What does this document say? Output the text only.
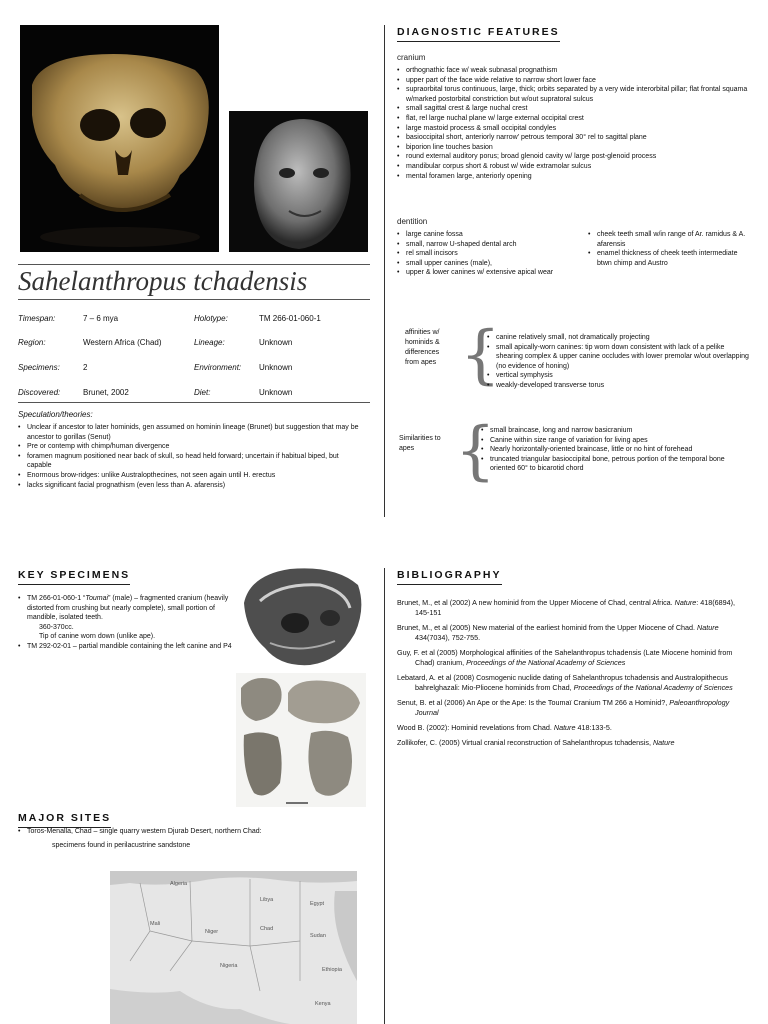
Sahelanthropus tchadensis
Timespan:	7 – 6 mya	Holotype:	TM 266-01-060-1
Region:	Western Africa (Chad)	Lineage:	Unknown
Specimens:	2	Environment: Unknown
Discovered:	Brunet, 2002	Diet:	Unknown
Speculation/theories:
• Unclear if ancestor to later hominids, gen assumed on hominin lineage (Brunet) but suggestion that may be ancestor to gorillas (Senut)
• Pre or contemp with chimp/human divergence
• foramen magnum positioned near back of skull, so head held forward; uncertain if habitual biped, but capable
• Enormous brow-ridges: unlike Australopthecines, not seen again until H. erectus
• lacks significant facial prognathism (even less than A. afarensis)
DIAGNOSTIC FEATURES
cranium
• orthognathic face w/ weak subnasal prognathism
• upper part of the face wide relative to narrow short lower face
• supraorbital torus continuous, large, thick; orbits separated by a very wide interorbital pillar; flat frontal squama w/marked postorbital constriction but w/out supratoral sulcus
• small sagittal crest & large nuchal crest
• flat, rel large nuchal plane w/ large external occipital crest
• large mastoid process & small occipital condyles
• basioccipital short, anteriorly narrow' petrous temporal 30° rel to sagittal plane
• biporion line touches basion
• round external auditory porus; broad glenoid cavity w/ large post-glenoid process
• mandibular corpus short & robust w/ wide extramolar sulcus
• mental foramen large, anteriorly opening
dentition
• large canine fossa
• small, narrow U-shaped dental arch
• rel small incisors
• small upper canines (male),
• upper & lower canines w/ extensive apical wear
• cheek teeth small w/in range of Ar. ramidus & A. afarensis
• enamel thickness of cheek teeth intermediate btwn chimp and Austro
affinities w/ hominids & differences from apes {
• canine relatively small, not dramatically projecting
• small apically-worn canines: tip worn down consistent with lack of a pelike shearing complex & upper canine occludes with lower premolar w/out overlapping (no evidence of honing)
• vertical symphysis
• weakly-developed transverse torus
Similarities to apes {
• small braincase, long and narrow basicranium
• Canine within size range of variation for living apes
• Nearly horizontally-oriented braincase, little or no hint of forehead
• truncated triangular basioccipital bone, petrous portion of the temporal bone oriented 60° to bicarotid chord
KEY SPECIMENS
• TM 266-01-060-1 “Toumai” (male) – fragmented cranium (heavily distorted from crushing but nearly complete), small portion of mandible, isolated teeth.
360-370cc.
Tip of canine worn down (unlike ape).
• TM 292-02-01 – partial mandible containing the left canine and P4
MAJOR SITES
• Toros-Menalla, Chad – single quarry western Djurab Desert, northern Chad:
specimens found in perilacustrine sandstone
Algeria
Libya
Egypt
Niger	Chad
Sudan
Nigeria
Mali
Ethiopia
Kenya
BIBLIOGRAPHY

Brunet, M., et al (2002) A new hominid from the Upper Miocene of Chad, central Africa. Nature: 418(6894), 145-151

Brunet, M., et al (2005) New material of the earliest hominid from the Upper Miocene of Chad. Nature 434(7034), 752-755.

Guy, F. et al (2005) Morphological affinities of the Sahelanthropus tchadensis (Late Miocene hominid from Chad) cranium, Proceedings of the National Academy of Sciences

Lebatard, A. et al (2008) Cosmogenic nuclide dating of Sahelanthropus tchadensis and Australopithecus bahrelghazali: Mio-Pliocene hominids from Chad, Proceedings of the National Academy of Sciences

Senut, B. et al (2006) An Ape or the Ape: Is the Toumaï Cranium TM 266 a Hominid?, Paleoanthropology Journal

Wood B. (2002): Hominid revelations from Chad. Nature 418:133-5.

Zollikofer, C. (2005) Virtual cranial reconstruction of Sahelanthropus tchadensis, Nature
